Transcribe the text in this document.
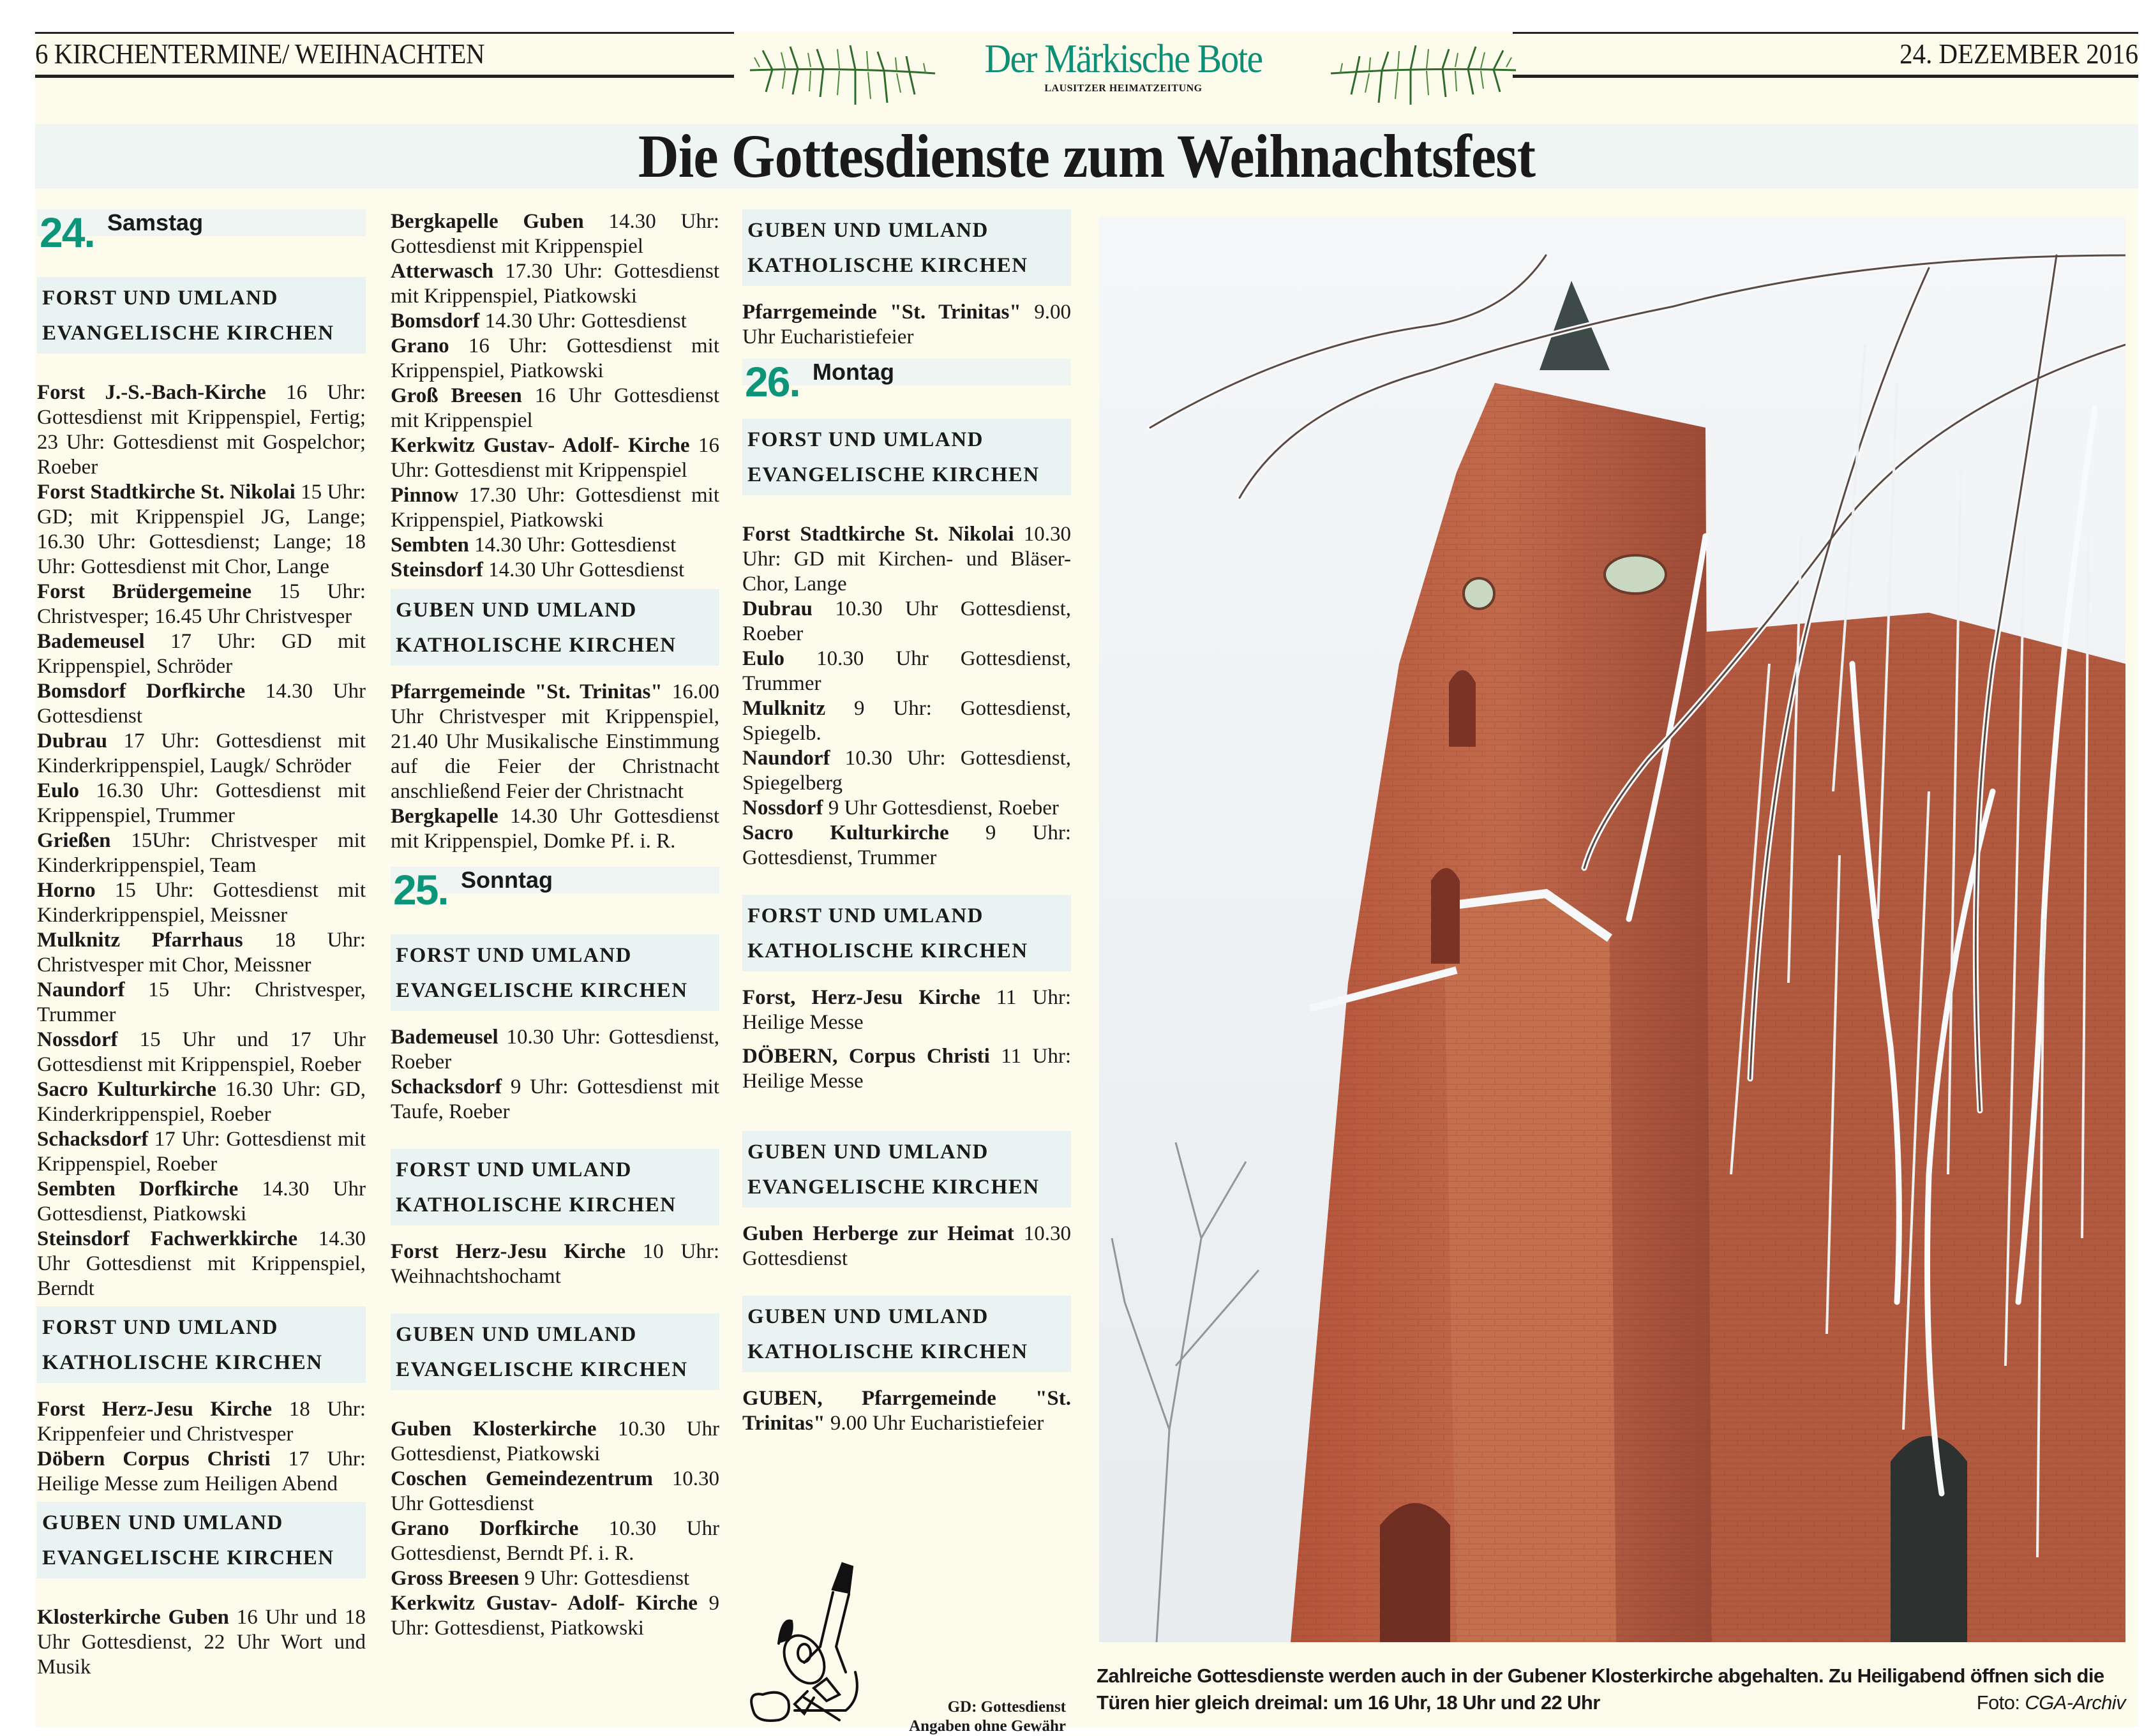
6 KIRCHENTERMINE/ WEIHNACHTEN	24. DEZEMBER 2016
Der Märkische Bote
LAUSITZER HEIMATZEITUNG
Die Gottesdienste zum Weihnachtsfest
24. Samstag
FORST UND UMLAND
EVANGELISCHE KIRCHEN

Forst J.-S.-Bach-Kirche 16 Uhr: Gottesdienst mit Krippenspiel, Fertig; 23 Uhr: Gottesdienst mit Gospelchor; Roeber

Forst Stadtkirche St. Nikolai 15 Uhr: GD; mit Krippenspiel JG, Lange; 16.30 Uhr: Gottesdienst; Lange; 18 Uhr: Gottesdienst mit Chor, Lange

Forst Brüdergemeine 15 Uhr: Christvesper; 16.45 Uhr Christvesper

Bademeusel 17 Uhr: GD mit Krippenspiel, Schröder

Bomsdorf Dorfkirche 14.30 Uhr Gottesdienst

Dubrau 17 Uhr: Gottesdienst mit Kinderkrippenspiel, Laugk/ Schröder

Eulo 16.30 Uhr: Gottesdienst mit Krippenspiel, Trummer

Grießen 15Uhr: Christvesper mit Kinderkrippenspiel, Team

Horno 15 Uhr: Gottesdienst mit Kinderkrippenspiel, Meissner

Mulknitz Pfarrhaus 18 Uhr: Christvesper mit Chor, Meissner

Naundorf 15 Uhr: Christvesper, Trummer

Nossdorf 15 Uhr und 17 Uhr Gottesdienst mit Krippenspiel, Roeber

Sacro Kulturkirche 16.30 Uhr: GD, Kinderkrippenspiel, Roeber

Schacksdorf 17 Uhr: Gottesdienst mit Krippenspiel, Roeber

Sembten Dorfkirche 14.30 Uhr Gottesdienst, Piatkowski

Steinsdorf Fachwerkkirche 14.30 Uhr Gottesdienst mit Krippenspiel, Berndt

FORST UND UMLAND
KATHOLISCHE KIRCHEN

Forst Herz-Jesu Kirche 18 Uhr: Krippenfeier und Christvesper

Döbern Corpus Christi 17 Uhr: Heilige Messe zum Heiligen Abend

GUBEN UND UMLAND
EVANGELISCHE KIRCHEN

Klosterkirche Guben 16 Uhr und 18 Uhr Gottesdienst, 22 Uhr Wort und Musik

Bergkapelle Guben 14.30 Uhr: Gottesdienst mit Krippenspiel

Atterwasch 17.30 Uhr: Gottesdienst mit Krippenspiel, Piatkowski

Bomsdorf 14.30 Uhr: Gottesdienst

Grano 16 Uhr: Gottesdienst mit Krippenspiel, Piatkowski

Groß Breesen 16 Uhr Gottesdienst mit Krippenspiel

Kerkwitz Gustav- Adolf- Kirche 16 Uhr: Gottesdienst mit Krippenspiel

Pinnow 17.30 Uhr: Gottesdienst mit Krippenspiel, Piatkowski

Sembten 14.30 Uhr: Gottesdienst

Steinsdorf 14.30 Uhr Gottesdienst

GUBEN UND UMLAND
KATHOLISCHE KIRCHEN

Pfarrgemeinde "St. Trinitas" 16.00 Uhr Christvesper mit Krippenspiel, 21.40 Uhr Musikalische Einstimmung auf die Feier der Christnacht anschließend Feier der Christnacht

Bergkapelle 14.30 Uhr Gottesdienst mit Krippenspiel, Domke Pf. i. R.

25. Sonntag
FORST UND UMLAND
EVANGELISCHE KIRCHEN

Bademeusel 10.30 Uhr: Gottesdienst, Roeber

Schacksdorf 9 Uhr: Gottesdienst mit Taufe, Roeber

FORST UND UMLAND
KATHOLISCHE KIRCHEN

Forst Herz-Jesu Kirche 10 Uhr: Weihnachtshochamt

GUBEN UND UMLAND
EVANGELISCHE KIRCHEN

Guben Klosterkirche 10.30 Uhr Gottesdienst, Piatkowski

Coschen Gemeindezentrum 10.30 Uhr Gottesdienst

Grano Dorfkirche 10.30 Uhr Gottesdienst, Berndt Pf. i. R.

Gross Breesen 9 Uhr: Gottesdienst

Kerkwitz Gustav- Adolf- Kirche 9 Uhr: Gottesdienst, Piatkowski

GUBEN UND UMLAND
KATHOLISCHE KIRCHEN

Pfarrgemeinde "St. Trinitas" 9.00 Uhr Eucharistiefeier

26. Montag
FORST UND UMLAND
EVANGELISCHE KIRCHEN

Forst Stadtkirche St. Nikolai 10.30 Uhr: GD mit Kirchen- und Bläser-Chor, Lange

Dubrau 10.30 Uhr Gottesdienst, Roeber

Eulo 10.30 Uhr Gottesdienst, Trummer

Mulknitz 9 Uhr: Gottesdienst, Spiegelb.

Naundorf 10.30 Uhr: Gottesdienst, Spiegelberg

Nossdorf 9 Uhr Gottesdienst, Roeber

Sacro Kulturkirche 9 Uhr: Gottesdienst, Trummer

FORST UND UMLAND
KATHOLISCHE KIRCHEN

Forst, Herz-Jesu Kirche 11 Uhr: Heilige Messe

DÖBERN, Corpus Christi 11 Uhr: Heilige Messe

GUBEN UND UMLAND
EVANGELISCHE KIRCHEN

Guben Herberge zur Heimat 10.30 Gottesdienst

GUBEN UND UMLAND
KATHOLISCHE KIRCHEN

GUBEN, Pfarrgemeinde "St. Trinitas" 9.00 Uhr Eucharistiefeier

GD: Gottesdienst
Angaben ohne Gewähr
Zahlreiche Gottesdienste werden auch in der Gubener Klosterkirche abgehalten. Zu Heiligabend öffnen sich die Türen hier gleich dreimal: um 16 Uhr, 18 Uhr und 22 Uhr	Foto: CGA-Archiv
